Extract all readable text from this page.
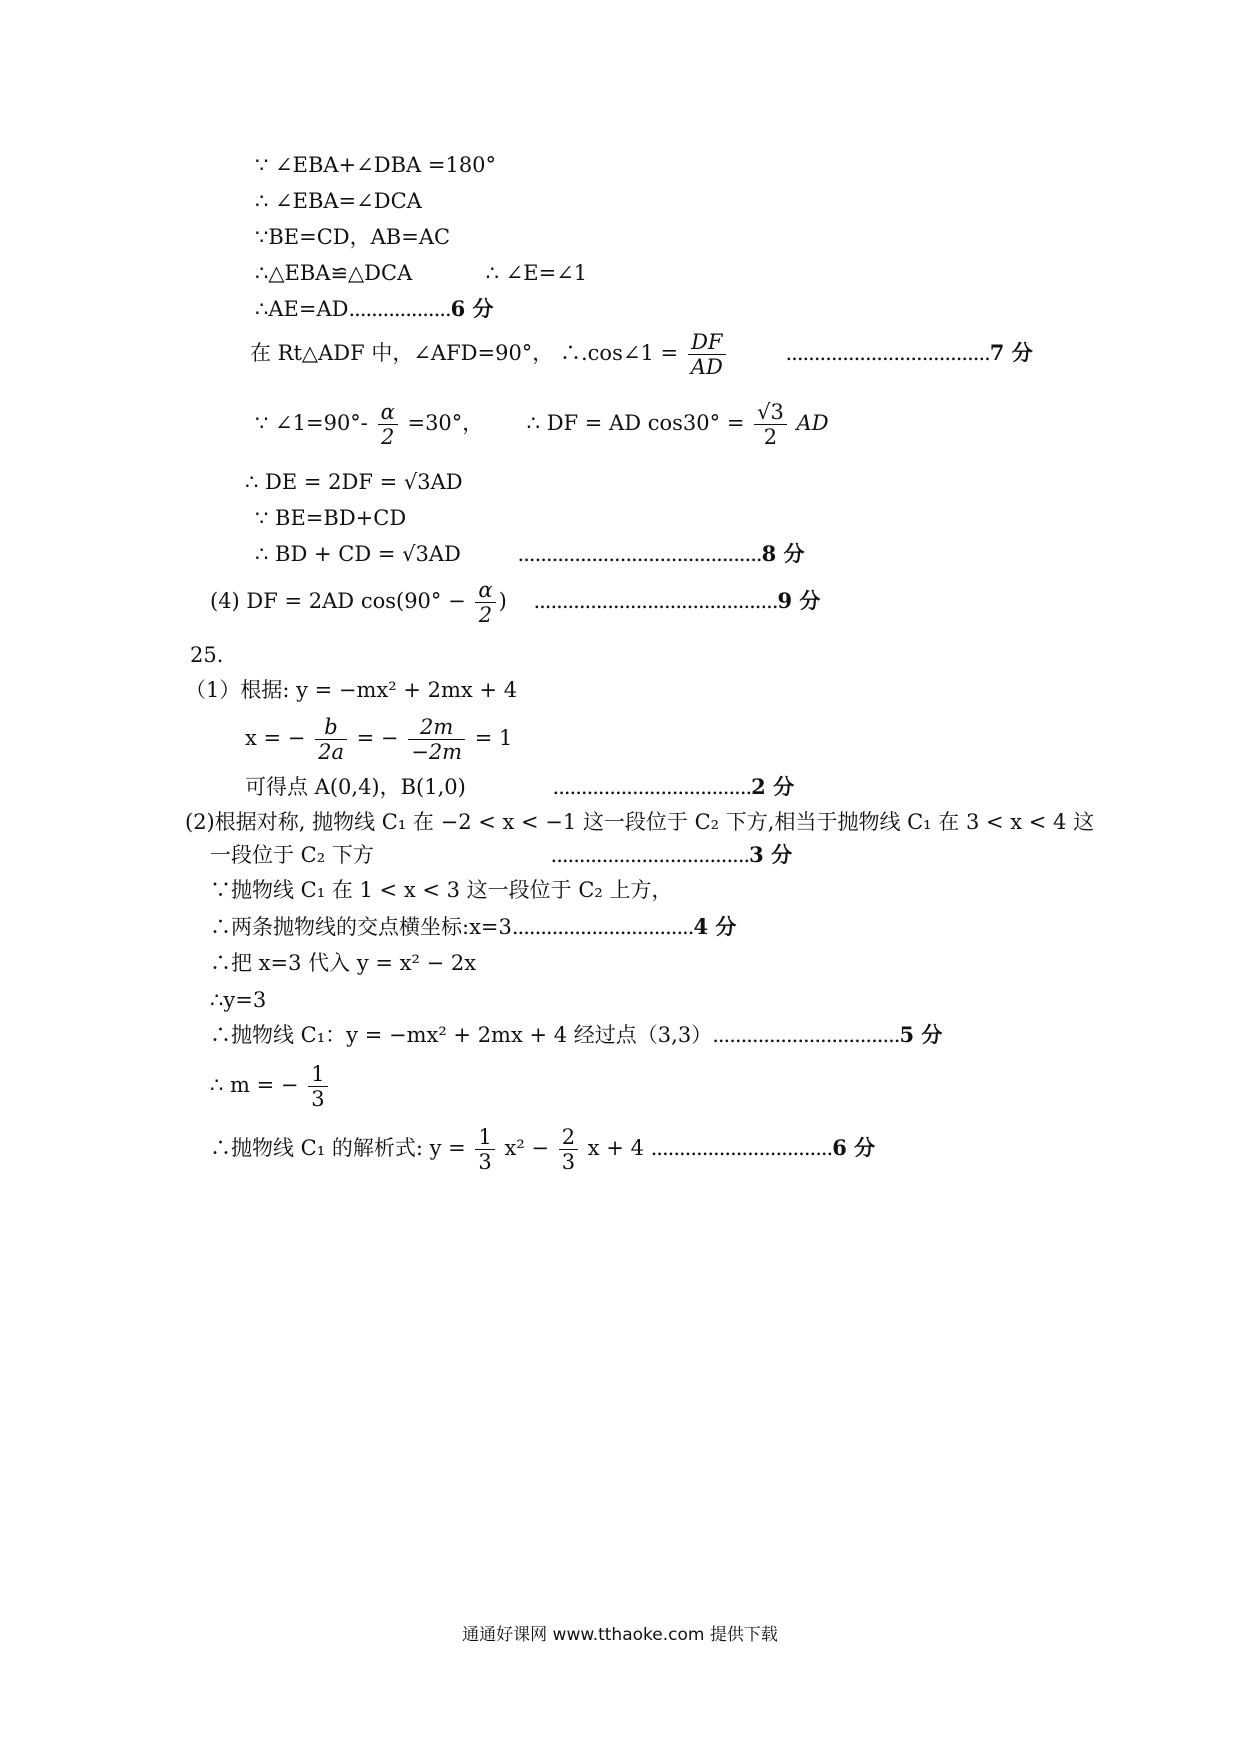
∵ ∠EBA+∠DBA =180°
∴ ∠EBA=∠DCA
∵BE=CD，AB=AC
∴△EBA≌△DCA	∴ ∠E=∠1
∴AE=AD..................6 分
在 Rt△ADF 中，∠AFD=90°， ∴.cos∠1 = $\frac{DF}{AD}$	....................................7 分
∵ ∠1=90°- $\frac{\alpha}{2} =30^\circ$， ∴ DF = AD $\cos 30^\circ = \frac{√3}{2}$ AD
∴ DE = 2DF = √3AD
∵ BE=BD+CD
∴ BD + CD = √3AD	...........................................8 分
(4) DF = 2AD $\cos(90^\circ - \frac{\alpha}{2}$ ) ...........................................9 分
25.
（1）根据: y = −mx² + 2mx + 4
x = − $\frac{b}{2a}$ = − $\frac{2m}{-2m} = 1$
可得点 A(0,4)，B(1,0)	...................................2 分
(2)根据对称, 抛物线 C₁ 在 −2 < x < −1 这一段位于 C₂ 下方,相当于抛物线 C₁ 在 3 < x < 4 这
一段位于 C₂ 下方	...................................3 分
∵抛物线 C₁ 在 1 < x < 3 这一段位于 C₂ 上方，
∴两条抛物线的交点横坐标:x=3................................4 分
∴把 x=3 代入 y = x² − 2x
∴y=3
∴抛物线 C₁：y = −mx² + 2mx + 4 经过点（3,3）.................................5 分
∴ m = − $\frac{1}{3}$
∴抛物线 C₁ 的解析式: $y = \frac{1}{3} x^2 - \frac{2}{3}$ x + 4 ................................6 分
通通好课网 www.tthaoke.com 提供下载
